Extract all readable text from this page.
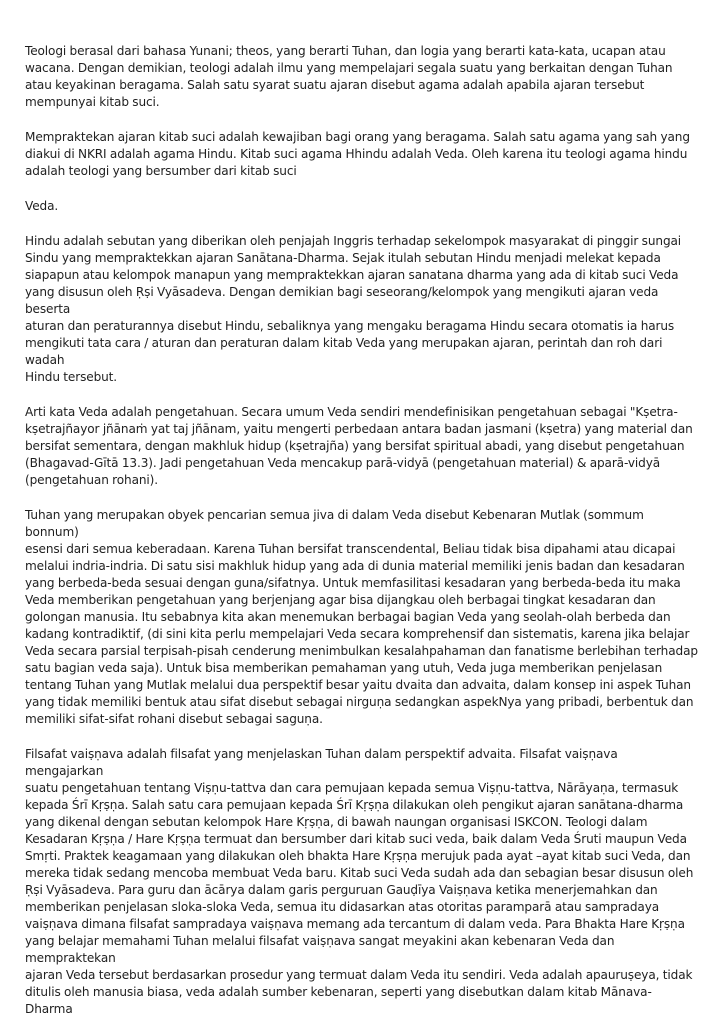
Teologi berasal dari bahasa Yunani; theos, yang berarti Tuhan, dan logia yang berarti kata-kata, ucapan atau
wacana. Dengan demikian, teologi adalah ilmu yang mempelajari segala suatu yang berkaitan dengan Tuhan
atau keyakinan beragama. Salah satu syarat suatu ajaran disebut agama adalah apabila ajaran tersebut
mempunyai kitab suci.

Mempraktekan ajaran kitab suci adalah kewajiban bagi orang yang beragama. Salah satu agama yang sah yang
diakui di NKRI adalah agama Hindu. Kitab suci agama Hhindu adalah Veda. Oleh karena itu teologi agama hindu
adalah teologi yang bersumber dari kitab suci

Veda.

Hindu adalah sebutan yang diberikan oleh penjajah Inggris terhadap sekelompok masyarakat di pinggir sungai
Sindu yang mempraktekkan ajaran Sanātana-Dharma. Sejak itulah sebutan Hindu menjadi melekat kepada
siapapun atau kelompok manapun yang mempraktekkan ajaran sanatana dharma yang ada di kitab suci Veda
yang disusun oleh Ṛṣi Vyāsadeva. Dengan demikian bagi seseorang/kelompok yang mengikuti ajaran veda beserta
aturan dan peraturannya disebut Hindu, sebaliknya yang mengaku beragama Hindu secara otomatis ia harus
mengikuti tata cara / aturan dan peraturan dalam kitab Veda yang merupakan ajaran, perintah dan roh dari wadah
Hindu tersebut.

Arti kata Veda adalah pengetahuan. Secara umum Veda sendiri mendefinisikan pengetahuan sebagai "Kṣetra-
kṣetrajñayor jñānaṁ yat taj jñānam, yaitu mengerti perbedaan antara badan jasmani (kṣetra) yang material dan
bersifat sementara, dengan makhluk hidup (kṣetrajña) yang bersifat spiritual abadi, yang disebut pengetahuan
(Bhagavad-Gītā 13.3). Jadi pengetahuan Veda mencakup parā-vidyā (pengetahuan material) & aparā-vidyā
(pengetahuan rohani).

Tuhan yang merupakan obyek pencarian semua jiva di dalam Veda disebut Kebenaran Mutlak (sommum bonnum)
esensi dari semua keberadaan. Karena Tuhan bersifat transcendental, Beliau tidak bisa dipahami atau dicapai
melalui indria-indria. Di satu sisi makhluk hidup yang ada di dunia material memiliki jenis badan dan kesadaran
yang berbeda-beda sesuai dengan guna/sifatnya. Untuk memfasilitasi kesadaran yang berbeda-beda itu maka
Veda memberikan pengetahuan yang berjenjang agar bisa dijangkau oleh berbagai tingkat kesadaran dan
golongan manusia. Itu sebabnya kita akan menemukan berbagai bagian Veda yang seolah-olah berbeda dan
kadang kontradiktif, (di sini kita perlu mempelajari Veda secara komprehensif dan sistematis, karena jika belajar
Veda secara parsial terpisah-pisah cenderung menimbulkan kesalahpahaman dan fanatisme berlebihan terhadap
satu bagian veda saja). Untuk bisa memberikan pemahaman yang utuh, Veda juga memberikan penjelasan
tentang Tuhan yang Mutlak melalui dua perspektif besar yaitu dvaita dan advaita, dalam konsep ini aspek Tuhan
yang tidak memiliki bentuk atau sifat disebut sebagai nirguṇa sedangkan aspekNya yang pribadi, berbentuk dan
memiliki sifat-sifat rohani disebut sebagai saguṇa.

Filsafat vaiṣṇava adalah filsafat yang menjelaskan Tuhan dalam perspektif advaita. Filsafat vaiṣṇava mengajarkan
suatu pengetahuan tentang Viṣṇu-tattva dan cara pemujaan kepada semua Viṣṇu-tattva, Nārāyaṇa, termasuk
kepada Śrī Kṛṣṇa. Salah satu cara pemujaan kepada Śrī Kṛṣṇa dilakukan oleh pengikut ajaran sanātana-dharma
yang dikenal dengan sebutan kelompok Hare Kṛṣṇa, di bawah naungan organisasi ISKCON. Teologi dalam
Kesadaran Kṛṣṇa / Hare Kṛṣṇa termuat dan bersumber dari kitab suci veda, baik dalam Veda Śruti maupun Veda
Smṛti. Praktek keagamaan yang dilakukan oleh bhakta Hare Kṛṣṇa merujuk pada ayat –ayat kitab suci Veda, dan
mereka tidak sedang mencoba membuat Veda baru. Kitab suci Veda sudah ada dan sebagian besar disusun oleh
Ṛṣi Vyāsadeva. Para guru dan ācārya dalam garis perguruan Gauḍīya Vaiṣṇava ketika menerjemahkan dan
memberikan penjelasan sloka-sloka Veda, semua itu didasarkan atas otoritas paramparā atau sampradaya
vaiṣṇava dimana filsafat sampradaya vaiṣṇava memang ada tercantum di dalam veda. Para Bhakta Hare Kṛṣṇa
yang belajar memahami Tuhan melalui filsafat vaiṣṇava sangat meyakini akan kebenaran Veda dan mempraktekan
ajaran Veda tersebut berdasarkan prosedur yang termuat dalam Veda itu sendiri. Veda adalah apauruṣeya, tidak
ditulis oleh manusia biasa, veda adalah sumber kebenaran, seperti yang disebutkan dalam kitab Mānava-Dharma
